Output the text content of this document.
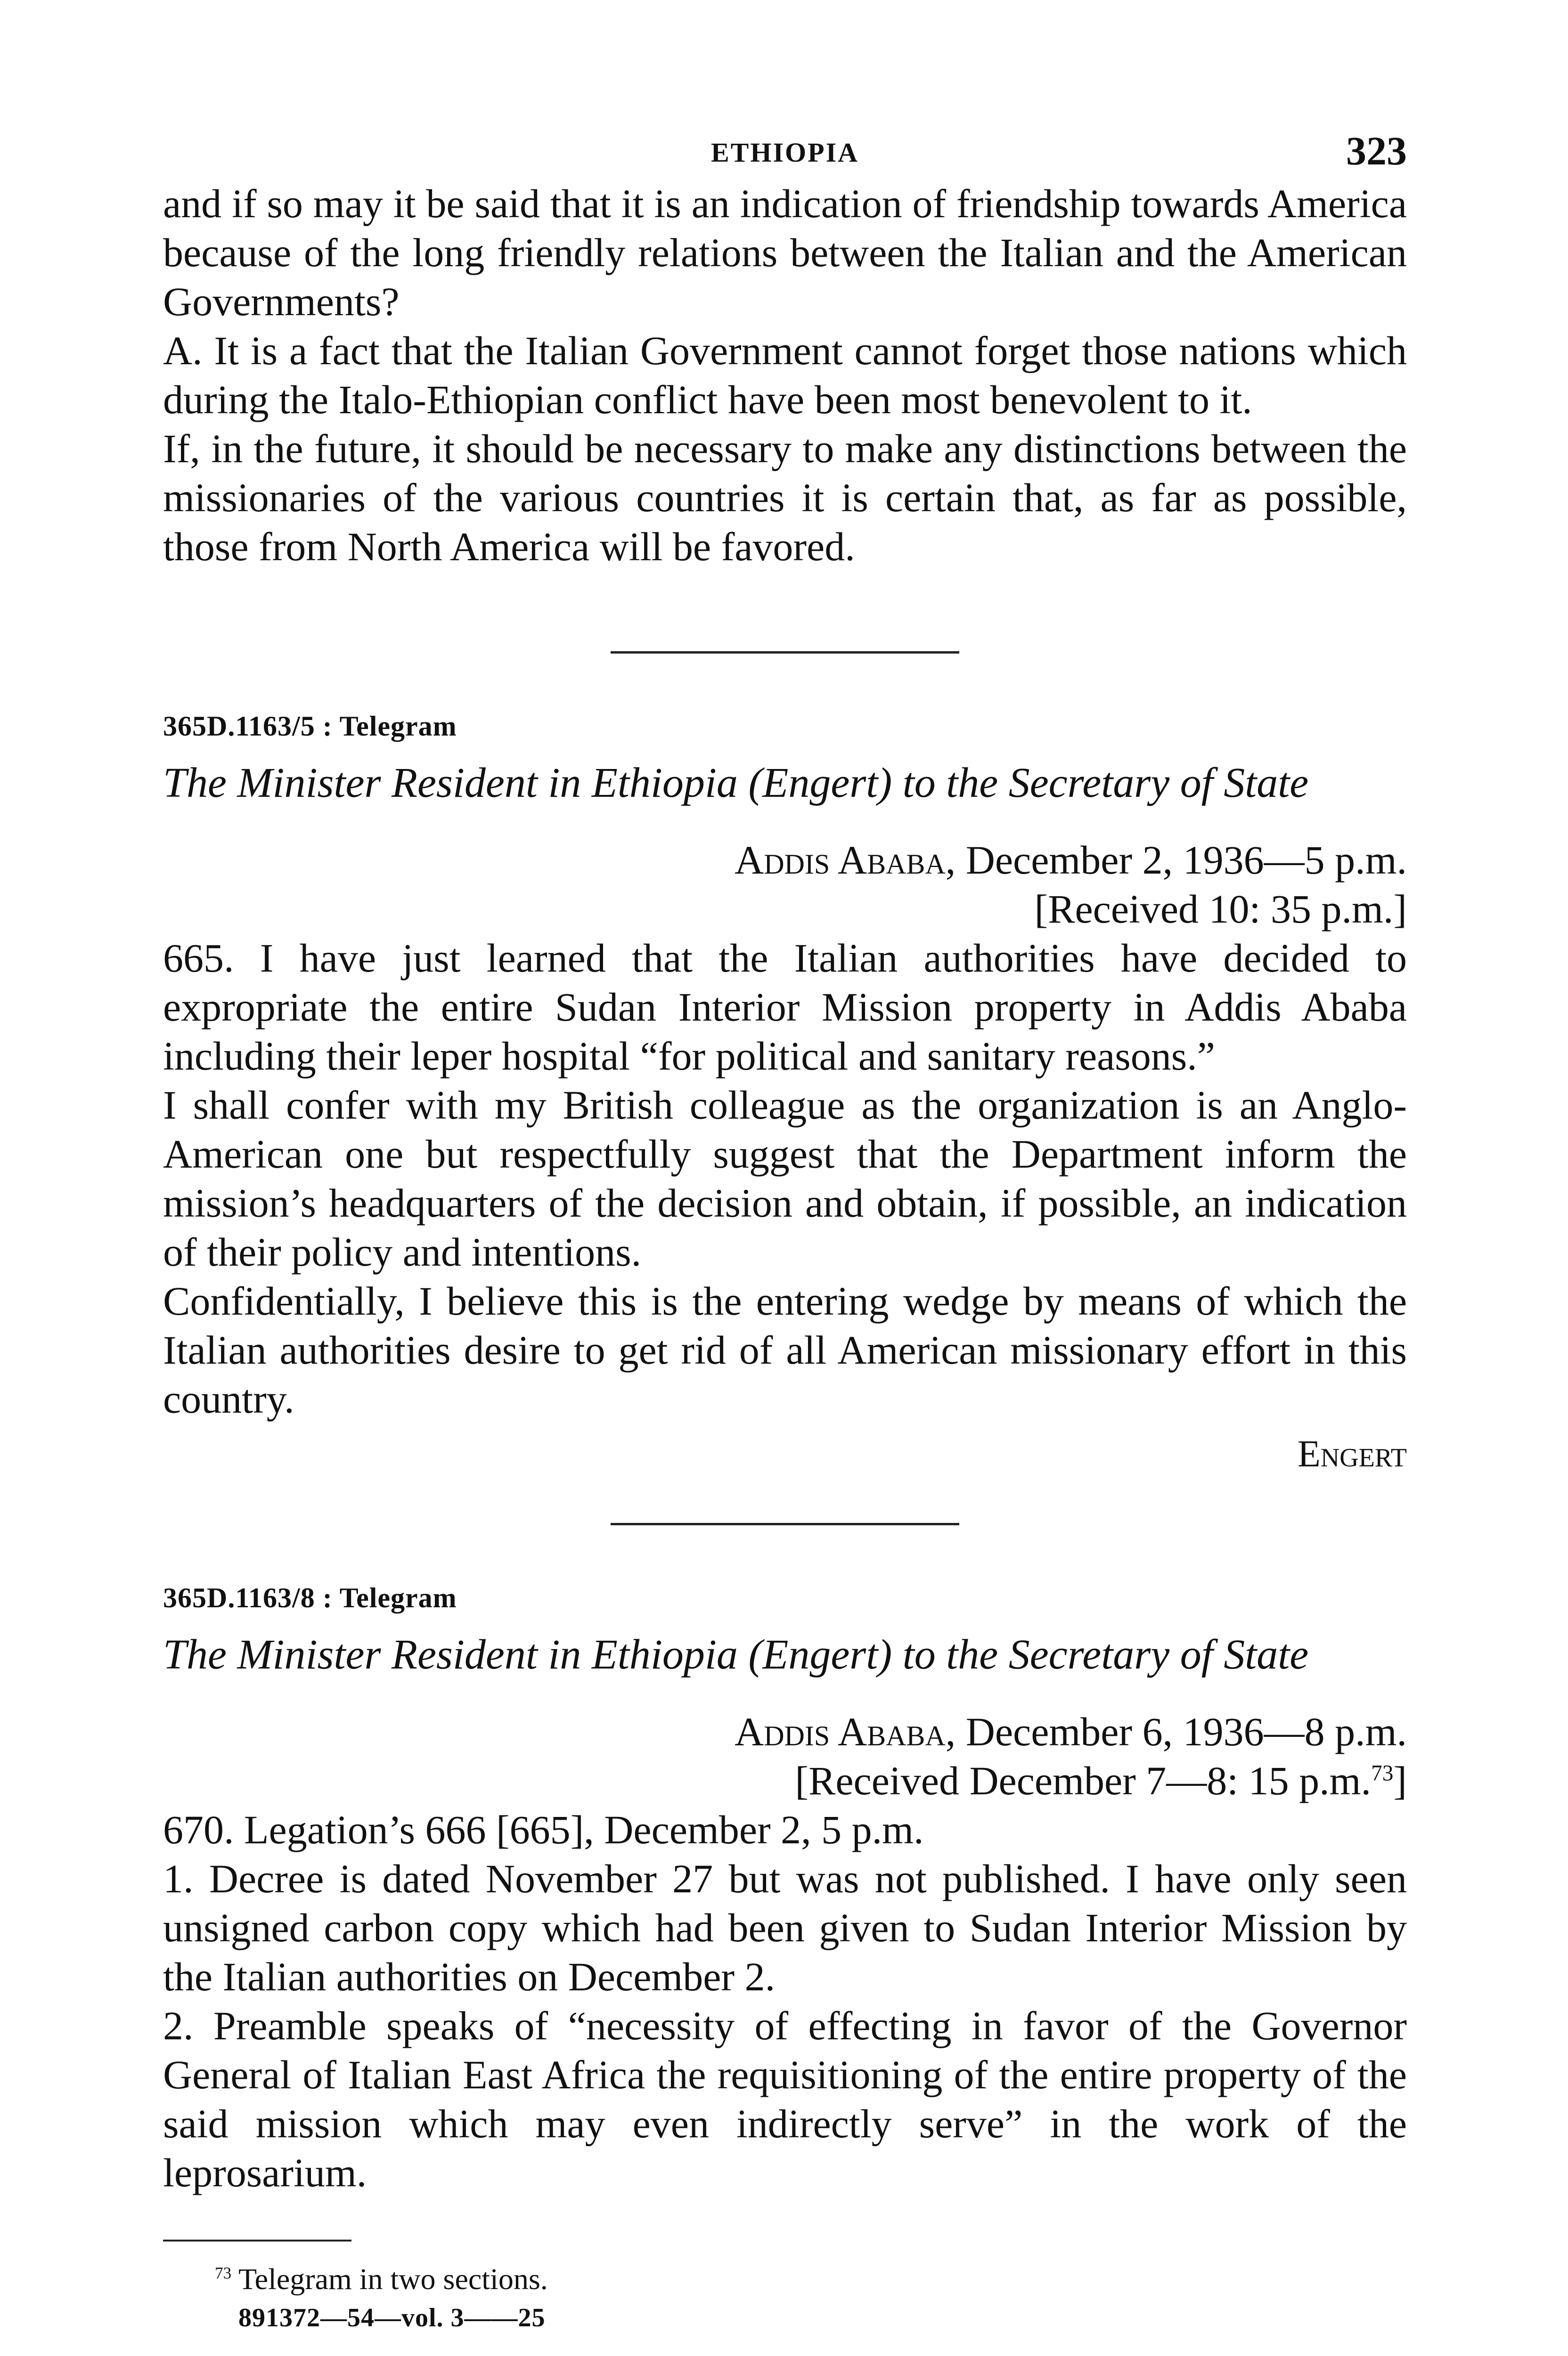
ETHIOPIA	323

and if so may it be said that it is an indication of friendship towards America because of the long friendly relations between the Italian and the American Governments?

A. It is a fact that the Italian Government cannot forget those nations which during the Italo-Ethiopian conflict have been most benevolent to it.

If, in the future, it should be necessary to make any distinctions between the missionaries of the various countries it is certain that, as far as possible, those from North America will be favored.

365D.1163/5 : Telegram
The Minister Resident in Ethiopia (Engert) to the Secretary of State
Addis Ababa, December 2, 1936—5 p.m.
[Received 10: 35 p.m.]

665. I have just learned that the Italian authorities have decided to expropriate the entire Sudan Interior Mission property in Addis Ababa including their leper hospital “for political and sanitary reasons.”

I shall confer with my British colleague as the organization is an Anglo-American one but respectfully suggest that the Department inform the mission’s headquarters of the decision and obtain, if possible, an indication of their policy and intentions.

Confidentially, I believe this is the entering wedge by means of which the Italian authorities desire to get rid of all American missionary effort in this country.

Engert
365D.1163/8 : Telegram
The Minister Resident in Ethiopia (Engert) to the Secretary of State
Addis Ababa, December 6, 1936—8 p.m.
[Received December 7—8: 15 p.m.$^{73}$]

670. Legation’s 666 [665], December 2, 5 p.m.

1. Decree is dated November 27 but was not published. I have only seen unsigned carbon copy which had been given to Sudan Interior Mission by the Italian authorities on December 2.

2. Preamble speaks of “necessity of effecting in favor of the Governor General of Italian East Africa the requisitioning of the entire property of the said mission which may even indirectly serve” in the work of the leprosarium.

$^{73}$ Telegram in two sections.
891372—54—vol. 3——25
